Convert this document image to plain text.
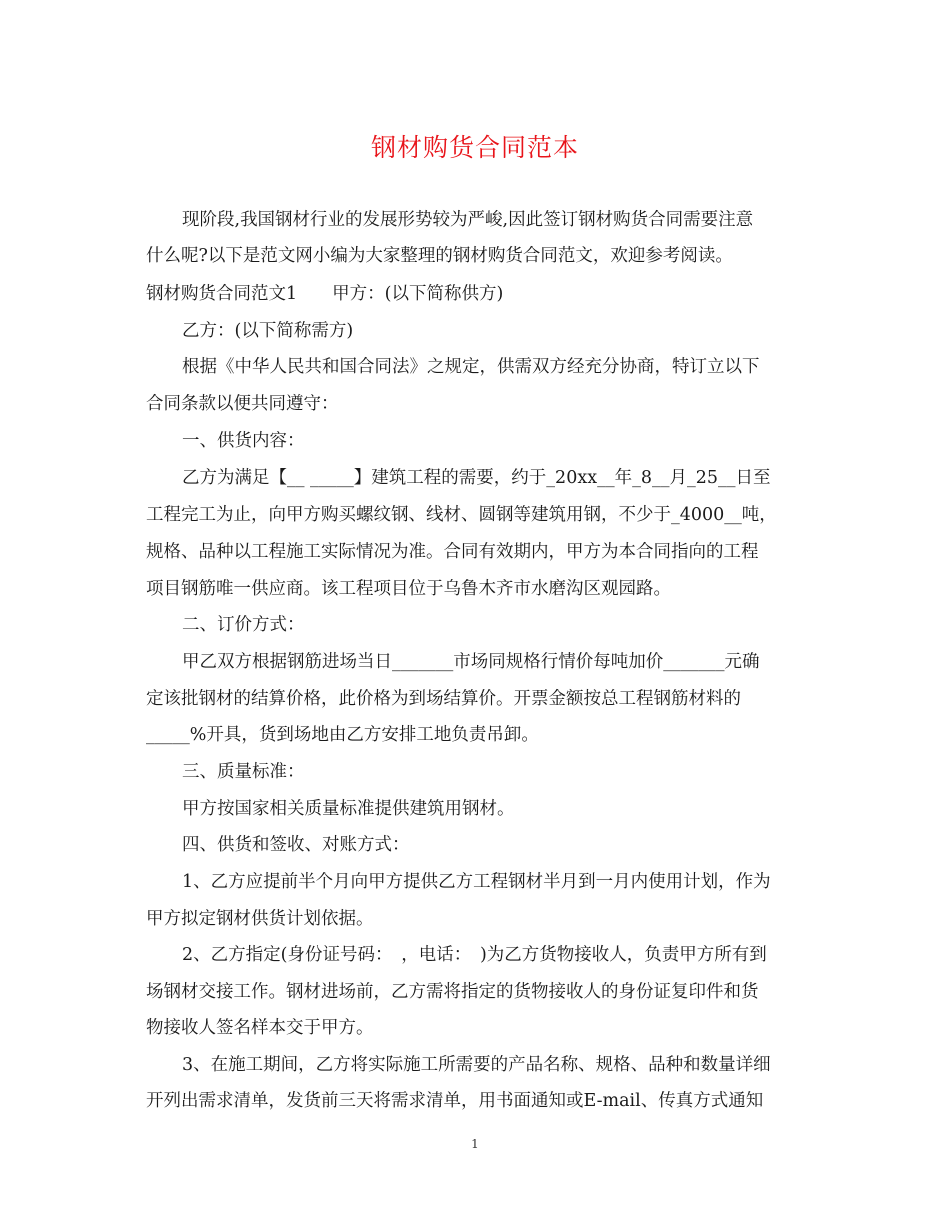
钢材购货合同范本
现阶段,我国钢材行业的发展形势较为严峻,因此签订钢材购货合同需要注意
什么呢?以下是范文网小编为大家整理的钢材购货合同范文，欢迎参考阅读。
钢材购货合同范文1　　甲方：(以下简称供方)
乙方：(以下简称需方)
根据《中华人民共和国合同法》之规定，供需双方经充分协商，特订立以下
合同条款以便共同遵守：
一、供货内容：
乙方为满足【__ _____】建筑工程的需要，约于_20xx__年_8__月_25__日至
工程完工为止，向甲方购买螺纹钢、线材、圆钢等建筑用钢，不少于_4000__吨，
规格、品种以工程施工实际情况为准。合同有效期内，甲方为本合同指向的工程
项目钢筋唯一供应商。该工程项目位于乌鲁木齐市水磨沟区观园路。
二、订价方式：
甲乙双方根据钢筋进场当日_______市场同规格行情价每吨加价_______元确
定该批钢材的结算价格，此价格为到场结算价。开票金额按总工程钢筋材料的
_____%开具，货到场地由乙方安排工地负责吊卸。
三、质量标准：
甲方按国家相关质量标准提供建筑用钢材。
四、供货和签收、对账方式：
1、乙方应提前半个月向甲方提供乙方工程钢材半月到一月内使用计划，作为
甲方拟定钢材供货计划依据。
2、乙方指定(身份证号码：　，电话：　)为乙方货物接收人，负责甲方所有到
场钢材交接工作。钢材进场前，乙方需将指定的货物接收人的身份证复印件和货
物接收人签名样本交于甲方。
3、在施工期间，乙方将实际施工所需要的产品名称、规格、品种和数量详细
开列出需求清单，发货前三天将需求清单，用书面通知或E-mail、传真方式通知
1
